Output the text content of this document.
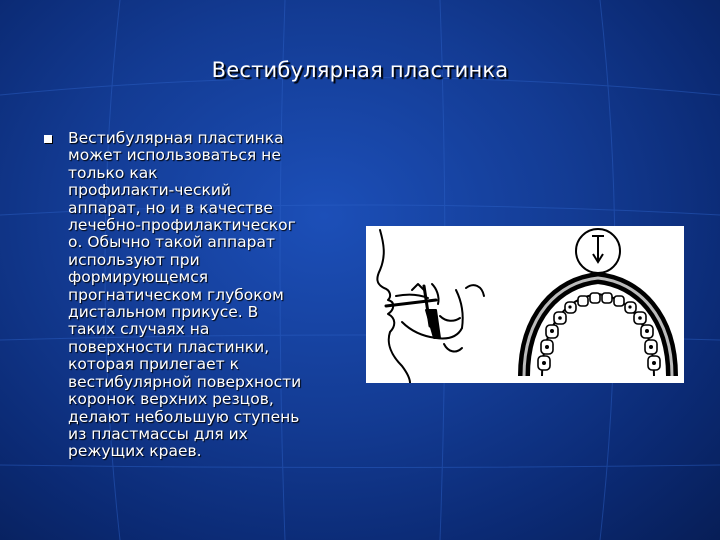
Вестибулярная пластинка

Вестибулярная пластинка
может использоваться не
только как
профилакти-ческий
аппарат, но и в качестве
лечебно-профилактическог
о. Обычно такой аппарат
используют при
формирующемся
прогнатическом глубоком
дистальном прикусе. В
таких случаях на
поверхности пластинки,
которая прилегает к
вестибулярной поверхности
коронок верхних резцов,
делают небольшую ступень
из пластмассы для их
режущих краев.
